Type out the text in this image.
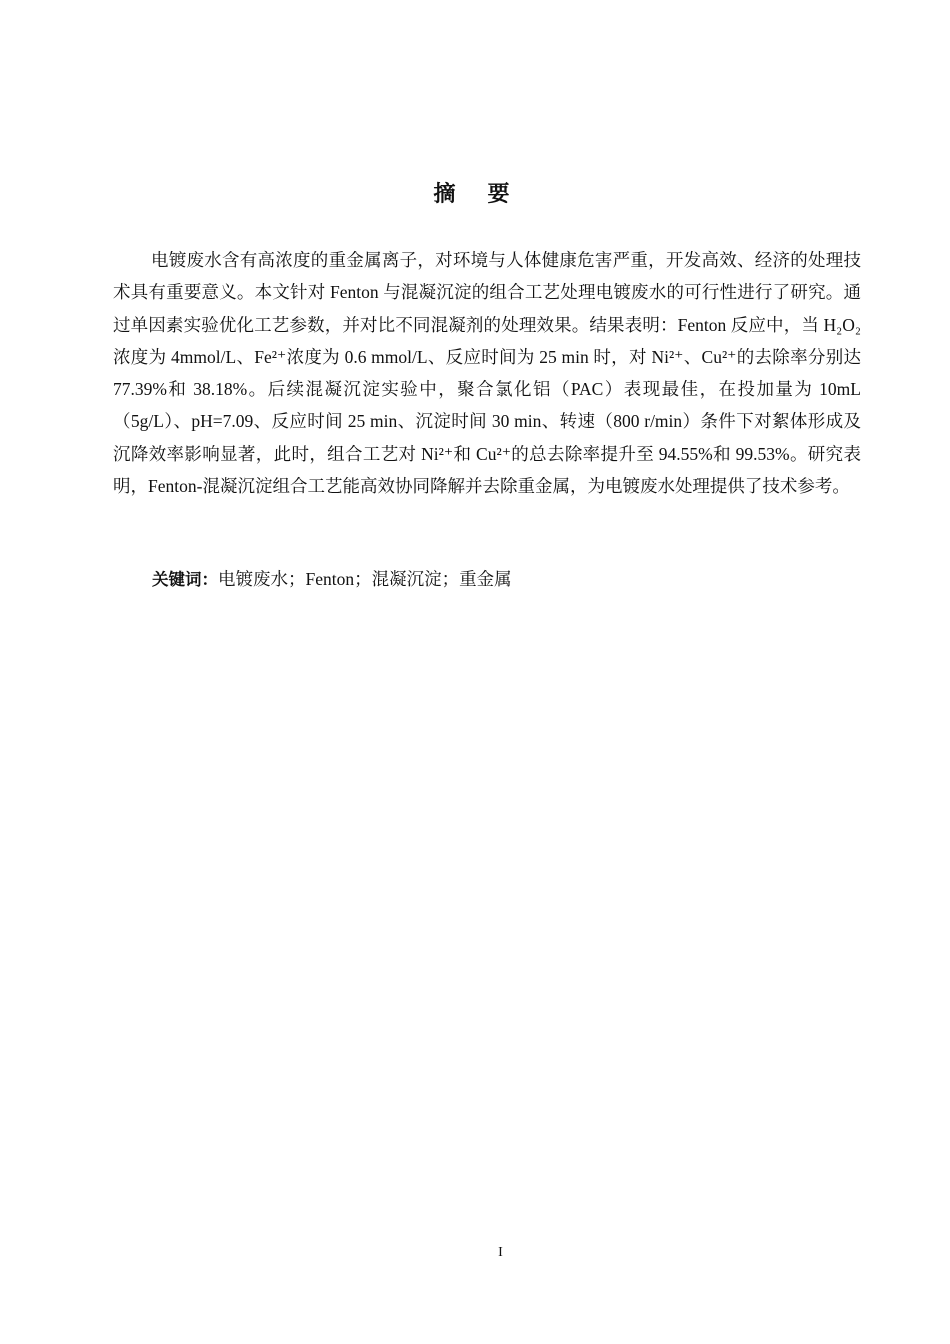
摘要

电镀废水含有高浓度的重金属离子，对环境与人体健康危害严重，开发高效、经济的处理技术具有重要意义。本文针对 Fenton 与混凝沉淀的组合工艺处理电镀废水的可行性进行了研究。通过单因素实验优化工艺参数，并对比不同混凝剂的处理效果。结果表明：Fenton 反应中，当 H₂O₂浓度为 4mmol/L、Fe²⁺浓度为 0.6 mmol/L、反应时间为 25 min 时，对 Ni²⁺、Cu²⁺的去除率分别达 77.39%和 38.18%。后续混凝沉淀实验中，聚合氯化铝（PAC）表现最佳，在投加量为 10mL（5g/L）、pH=7.09、反应时间 25 min、沉淀时间 30 min、转速（800 r/min）条件下对絮体形成及沉降效率影响显著，此时，组合工艺对 Ni²⁺和 Cu²⁺的总去除率提升至 94.55%和 99.53%。研究表明，Fenton-混凝沉淀组合工艺能高效协同降解并去除重金属，为电镀废水处理提供了技术参考。

关键词：电镀废水；Fenton；混凝沉淀；重金属
I
